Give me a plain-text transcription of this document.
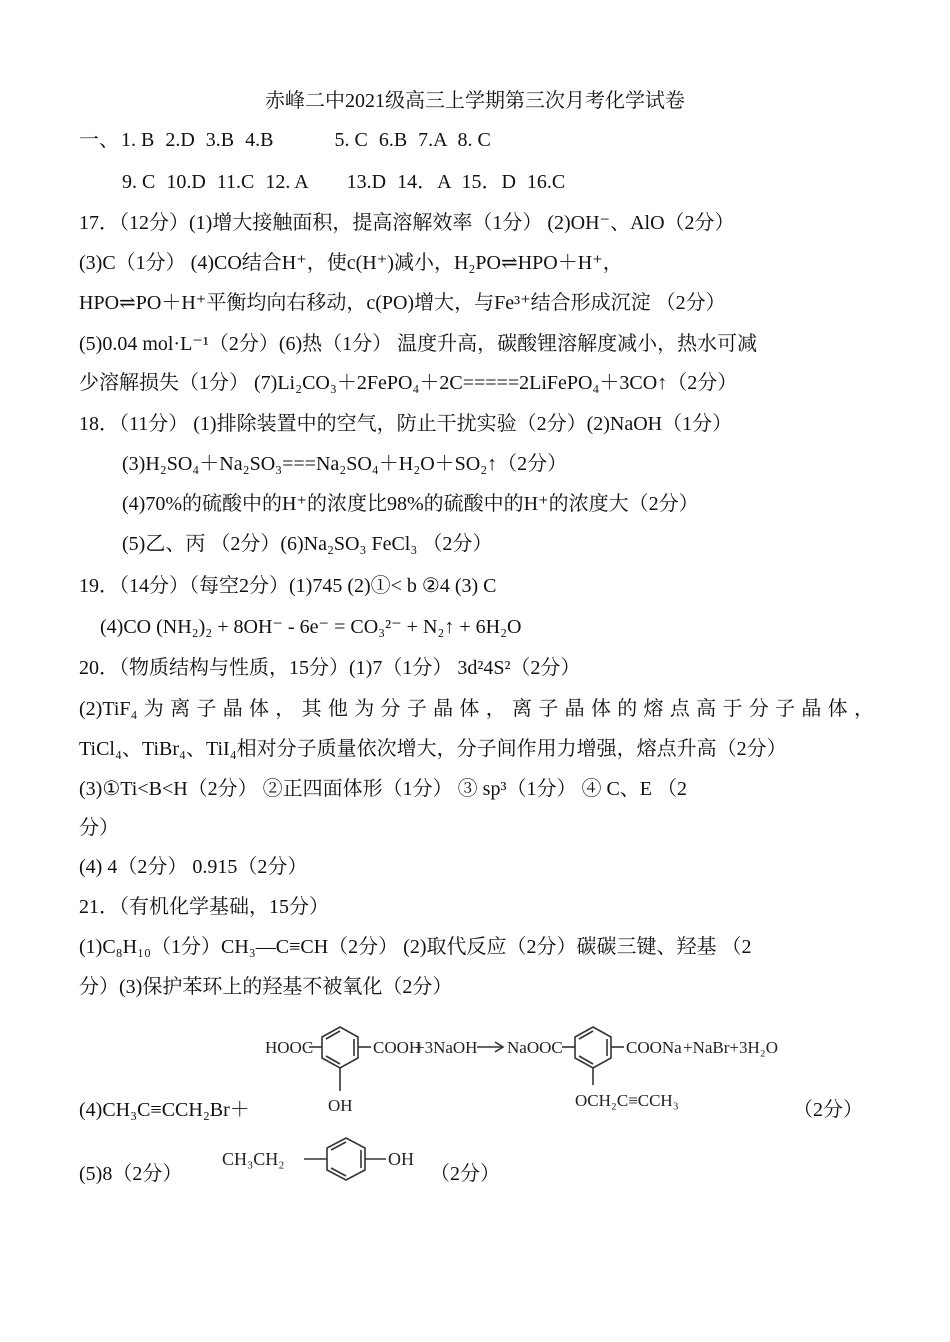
赤峰二中2021级高三上学期第三次月考化学试卷
一、 1. B 2.D 3.B 4.B	5. C 6.B 7.A 8. C
9. C 10.D 11.C 12. A 13.D 14．A 15．D 16.C
17．（12分）(1)增大接触面积，提高溶解效率（1分） (2)OH⁻、AlO（2分）
(3)C（1分） (4)CO结合H⁺，使c(H⁺)减小，H₂PO⇌HPO＋H⁺，
HPO⇌PO＋H⁺平衡均向右移动，c(PO)增大，与Fe³⁺结合形成沉淀 （2分）
(5)0.04 mol·L⁻¹（2分）(6)热（1分） 温度升高，碳酸锂溶解度减小，热水可减
少溶解损失（1分） (7)Li₂CO₃＋2FePO₄＋2C=====2LiFePO₄＋3CO↑（2分）
18．（11分） (1)排除装置中的空气，防止干扰实验（2分）(2)NaOH（1分）
(3)H₂SO₄＋Na₂SO₃===Na₂SO₄＋H₂O＋SO₂↑（2分）
(4)70%的硫酸中的H⁺的浓度比98%的硫酸中的H⁺的浓度大（2分）
(5)乙、丙 （2分）(6)Na₂SO₃ FeCl₃ （2分）
19．（14分）（每空2分）(1)745 (2)①< b ②4 (3) C
(4)CO (NH₂)₂ + 8OH⁻ - 6e⁻ = CO₃²⁻ + N₂↑ + 6H₂O
20．（物质结构与性质，15分）(1)7（1分） 3d²4S²（2分）
(2)TiF₄为离子晶体，其他为分子晶体，离子晶体的熔点高于分子晶体，
TiCl₄、TiBr₄、TiI₄相对分子质量依次增大，分子间作用力增强，熔点升高（2分）
(3)①Ti<B<H（2分） ②正四面体形（1分） ③ sp³（1分） ④ C、E （2
分）
(4) 4（2分） 0.915（2分）
21．（有机化学基础，15分）
(1)C₈H₁₀（1分）CH₃—C≡CH（2分） (2)取代反应（2分）碳碳三键、羟基 （2
分）(3)保护苯环上的羟基不被氧化（2分）
HOOC	COOH
+3NaOH
OH
NaOOC	COONa
OCH₂C≡CCH₃
+NaBr+3H₂O
(4)CH₃C≡CCH₂Br＋	（2分）
(5)8（2分）
CH₃CH₂	OH
（2分）
